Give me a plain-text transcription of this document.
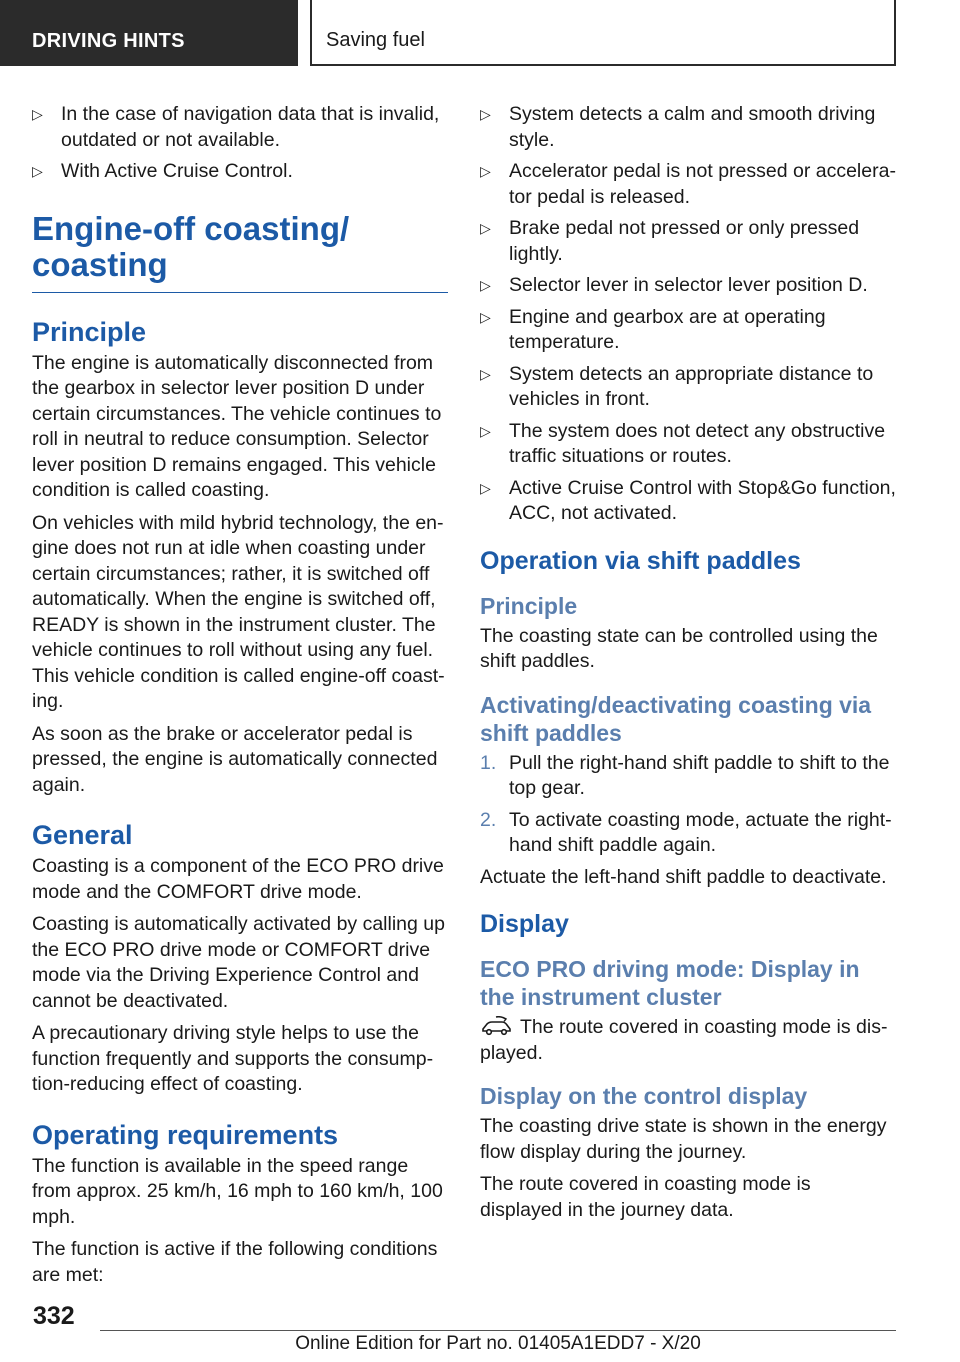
DRIVING HINTS	Saving fuel
▷ In the case of navigation data that is invalid, outdated or not available.
▷ With Active Cruise Control.
Engine-off coasting/ coasting
Principle

The engine is automatically disconnected from the gearbox in selector lever position D under certain circumstances. The vehicle continues to roll in neutral to reduce consumption. Selector lever position D remains engaged. This vehicle condition is called coasting.

On vehicles with mild hybrid technology, the engine does not run at idle when coasting under certain circumstances; rather, it is switched off automatically. When the engine is switched off, READY is shown in the instrument cluster. The vehicle continues to roll without using any fuel. This vehicle condition is called engine-off coasting.

As soon as the brake or accelerator pedal is pressed, the engine is automatically connected again.

General

Coasting is a component of the ECO PRO drive mode and the COMFORT drive mode.

Coasting is automatically activated by calling up the ECO PRO drive mode or COMFORT drive mode via the Driving Experience Control and cannot be deactivated.

A precautionary driving style helps to use the function frequently and supports the consumption-reducing effect of coasting.

Operating requirements

The function is available in the speed range from approx. 25 km/h, 16 mph to 160 km/h, 100 mph.

The function is active if the following conditions are met:

▷ System detects a calm and smooth driving style.
▷ Accelerator pedal is not pressed or accelerator pedal is released.
▷ Brake pedal not pressed or only pressed lightly.
▷ Selector lever in selector lever position D.
▷ Engine and gearbox are at operating temperature.
▷ System detects an appropriate distance to vehicles in front.
▷ The system does not detect any obstructive traffic situations or routes.
▷ Active Cruise Control with Stop&Go function, ACC, not activated.
Operation via shift paddles
Principle

The coasting state can be controlled using the shift paddles.

Activating/deactivating coasting via shift paddles
1. Pull the right-hand shift paddle to shift to the top gear.
2. To activate coasting mode, actuate the right-hand shift paddle again.

Actuate the left-hand shift paddle to deactivate.

Display
ECO PRO driving mode: Display in the instrument cluster

The route covered in coasting mode is displayed.

Display on the control display

The coasting drive state is shown in the energy flow display during the journey.

The route covered in coasting mode is displayed in the journey data.

332
Online Edition for Part no. 01405A1EDD7 - X/20
